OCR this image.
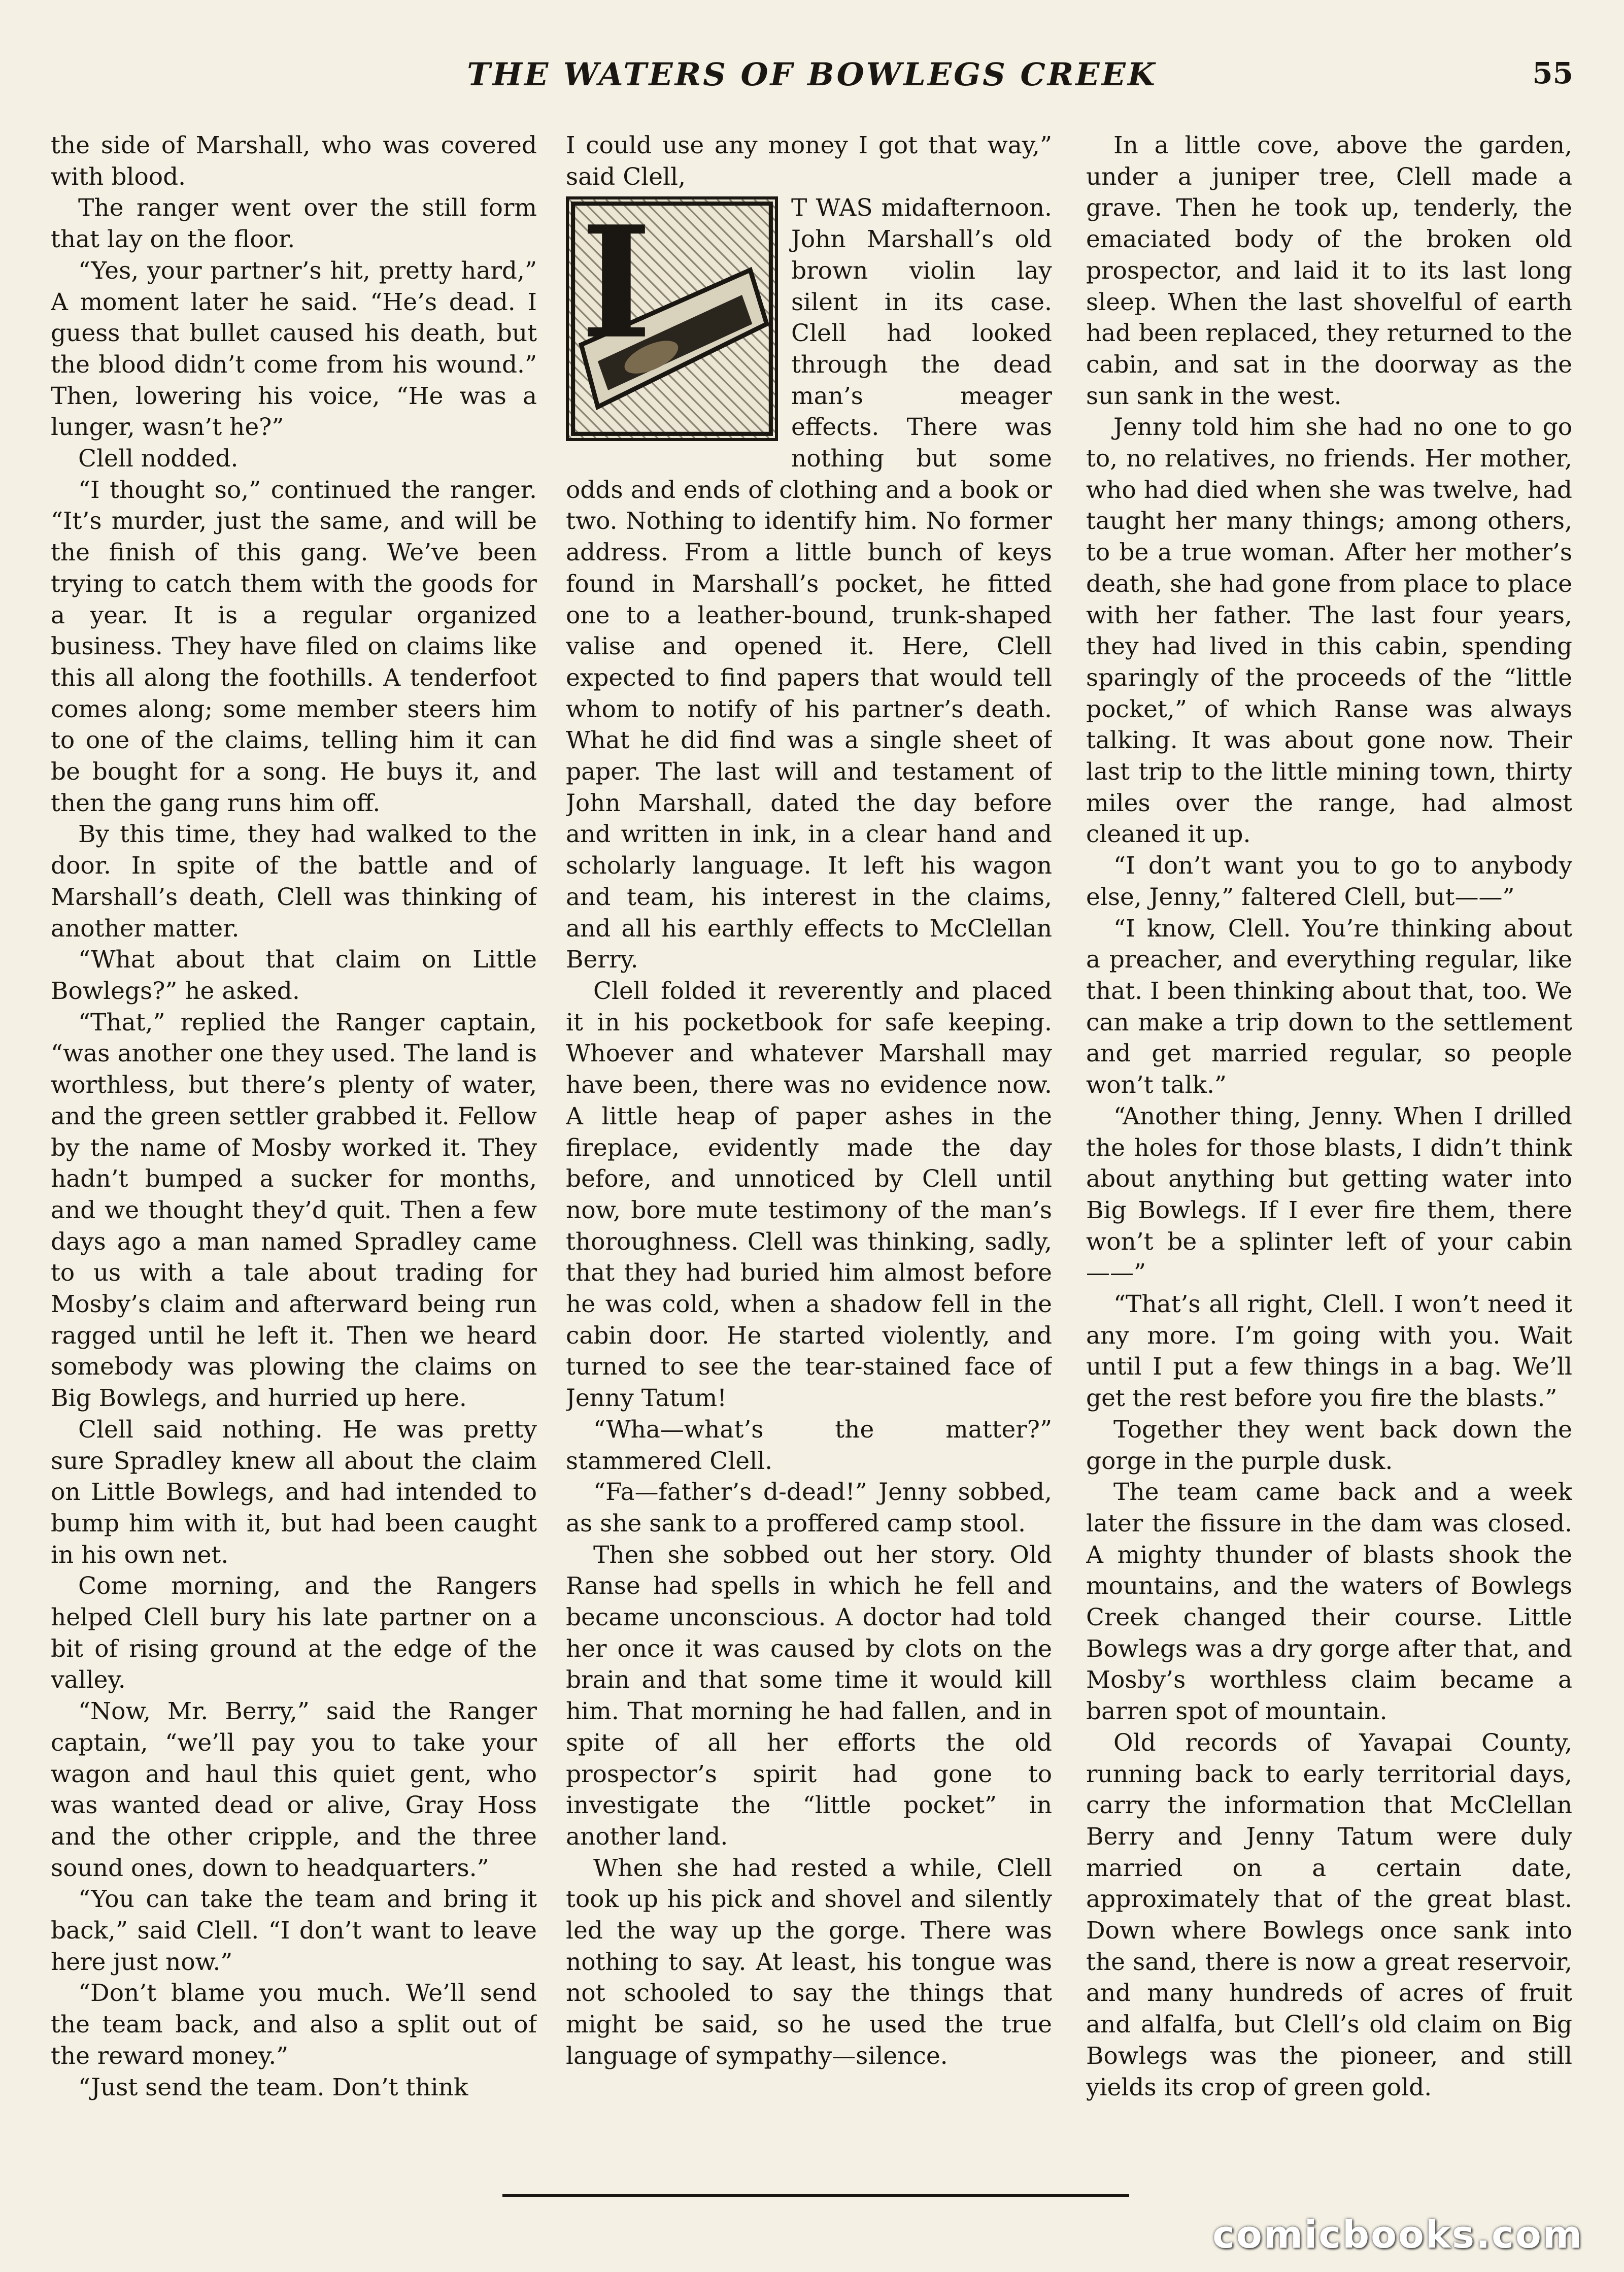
THE WATERS OF BOWLEGS CREEK	55

the side of Marshall, who was covered with blood.

The ranger went over the still form that lay on the floor.

“Yes, your partner’s hit, pretty hard,” A moment later he said. “He’s dead. I guess that bullet caused his death, but the blood didn’t come from his wound.” Then, lowering his voice, “He was a lunger, wasn’t he?”

Clell nodded.

“I thought so,” continued the ranger. “It’s murder, just the same, and will be the finish of this gang. We’ve been trying to catch them with the goods for a year. It is a regular organized business. They have filed on claims like this all along the foothills. A tenderfoot comes along; some member steers him to one of the claims, telling him it can be bought for a song. He buys it, and then the gang runs him off.

By this time, they had walked to the door. In spite of the battle and of Marshall’s death, Clell was thinking of another matter.

“What about that claim on Little Bowlegs?” he asked.

“That,” replied the Ranger captain, “was another one they used. The land is worthless, but there’s plenty of water, and the green settler grabbed it. Fellow by the name of Mosby worked it. They hadn’t bumped a sucker for months, and we thought they’d quit. Then a few days ago a man named Spradley came to us with a tale about trading for Mosby’s claim and afterward being run ragged until he left it. Then we heard somebody was plowing the claims on Big Bowlegs, and hurried up here.

Clell said nothing. He was pretty sure Spradley knew all about the claim on Little Bowlegs, and had intended to bump him with it, but had been caught in his own net.

Come morning, and the Rangers helped Clell bury his late partner on a bit of rising ground at the edge of the valley.

“Now, Mr. Berry,” said the Ranger captain, “we’ll pay you to take your wagon and haul this quiet gent, who was wanted dead or alive, Gray Hoss and the other cripple, and the three sound ones, down to headquarters.”

“You can take the team and bring it back,” said Clell. “I don’t want to leave here just now.”

“Don’t blame you much. We’ll send the team back, and also a split out of the reward money.”

“Just send the team. Don’t think

I could use any money I got that way,” said Clell,

I	T WAS midafternoon. John Marshall’s old brown violin lay silent in its case. Clell had looked through the dead man’s meager effects. There was nothing but some odds and ends of clothing and a book or two. Nothing to identify him. No former address. From a little bunch of keys found in Marshall’s pocket, he fitted one to a leather-bound, trunk-shaped valise and opened it. Here, Clell expected to find papers that would tell whom to notify of his partner’s death. What he did find was a single sheet of paper. The last will and testament of John Marshall, dated the day before and written in ink, in a clear hand and scholarly language. It left his wagon and team, his interest in the claims, and all his earthly effects to McClellan Berry.

Clell folded it reverently and placed it in his pocketbook for safe keeping. Whoever and whatever Marshall may have been, there was no evidence now. A little heap of paper ashes in the fireplace, evidently made the day before, and unnoticed by Clell until now, bore mute testimony of the man’s thoroughness. Clell was thinking, sadly, that they had buried him almost before he was cold, when a shadow fell in the cabin door. He started violently, and turned to see the tear-stained face of Jenny Tatum!

“Wha—what’s the matter?” stammered Clell.

“Fa—father’s d-dead!” Jenny sobbed, as she sank to a proffered camp stool.

Then she sobbed out her story. Old Ranse had spells in which he fell and became unconscious. A doctor had told her once it was caused by clots on the brain and that some time it would kill him. That morning he had fallen, and in spite of all her efforts the old prospector’s spirit had gone to investigate the “little pocket” in another land.

When she had rested a while, Clell took up his pick and shovel and silently led the way up the gorge. There was nothing to say. At least, his tongue was not schooled to say the things that might be said, so he used the true language of sympathy—silence.

In a little cove, above the garden, under a juniper tree, Clell made a grave. Then he took up, tenderly, the emaciated body of the broken old prospector, and laid it to its last long sleep. When the last shovelful of earth had been replaced, they returned to the cabin, and sat in the doorway as the sun sank in the west.

Jenny told him she had no one to go to, no relatives, no friends. Her mother, who had died when she was twelve, had taught her many things; among others, to be a true woman. After her mother’s death, she had gone from place to place with her father. The last four years, they had lived in this cabin, spending sparingly of the proceeds of the “little pocket,” of which Ranse was always talking. It was about gone now. Their last trip to the little mining town, thirty miles over the range, had almost cleaned it up.

“I don’t want you to go to anybody else, Jenny,” faltered Clell, but——”

“I know, Clell. You’re thinking about a preacher, and everything regular, like that. I been thinking about that, too. We can make a trip down to the settlement and get married regular, so people won’t talk.”

“Another thing, Jenny. When I drilled the holes for those blasts, I didn’t think about anything but getting water into Big Bowlegs. If I ever fire them, there won’t be a splinter left of your cabin——”

“That’s all right, Clell. I won’t need it any more. I’m going with you. Wait until I put a few things in a bag. We’ll get the rest before you fire the blasts.”

Together they went back down the gorge in the purple dusk.

The team came back and a week later the fissure in the dam was closed. A mighty thunder of blasts shook the mountains, and the waters of Bowlegs Creek changed their course. Little Bowlegs was a dry gorge after that, and Mosby’s worthless claim became a barren spot of mountain.

Old records of Yavapai County, running back to early territorial days, carry the information that McClellan Berry and Jenny Tatum were duly married on a certain date, approximately that of the great blast. Down where Bowlegs once sank into the sand, there is now a great reservoir, and many hundreds of acres of fruit and alfalfa, but Clell’s old claim on Big Bowlegs was the pioneer, and still yields its crop of green gold.

comicbooks.com
